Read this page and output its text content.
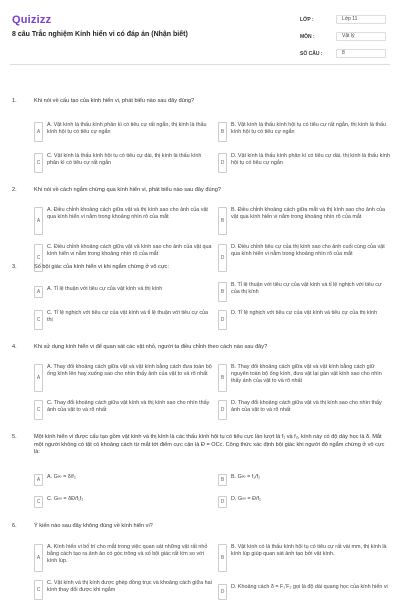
Quizizz
8 câu Trắc nghiệm Kính hiển vi có đáp án (Nhận biết)
LỚP :	Lớp 11
MÔN :	Vật lý
SỐ CÂU :	8
1.	Khi nói về cấu tạo của kính hiển vi, phát biểu nào sau đây đúng?
A
A. Vật kính là thấu kính phân kì có tiêu cự rất ngắn, thị kính là thấu kính hội tụ có tiêu cự ngắn	B
B. Vật kính là thấu kính hội tụ có tiêu cự rất ngắn, thị kính là thấu kính hội tụ có tiêu cự ngắn
C
C. Vật kính là thấu kính hội tụ có tiêu cự dài, thị kính là thấu kính phân kì có tiêu cự rất ngắn	D
D. Vật kính là thấu kính phân kì có tiêu cự dài, thị kính là thấu kính hội tụ có tiêu cự ngắn
2.	Khi nói về cách ngắm chừng qua kính hiển vi, phát biểu nào sau đây đúng?
A
A. Điều chỉnh khoảng cách giữa vật và thị kính sao cho ảnh của vật qua kính hiển vi nằm trong khoảng nhìn rõ của mắt
B
B. Điều chỉnh khoảng cách giữa mắt và thị kính sao cho ảnh của vật qua kính hiển vi nằm trong khoảng nhìn rõ của mắt
C
C. Điều chỉnh khoảng cách giữa vật và kính sao cho ảnh của vật qua kính hiển vi nằm trong khoảng nhìn rõ của mắt
D
D. Điều chỉnh tiêu cự của thị kính sao cho ảnh cuối cùng của vật qua kính hiển vi nằm trong khoảng nhìn rõ của mắt
3.	Số bội giác của kính hiển vi khi ngắm chừng ở vô cực:
A	A. Tỉ lệ thuận với tiêu cự của vật kính và thị kính	B
B. Tỉ lệ thuận với tiêu cự của vật kính và tỉ lệ nghịch với tiêu cự của thị kính
C
C. Tỉ lệ nghịch với tiêu cự của vật kính và tỉ lệ thuận với tiêu cự của thị	D
D. Tỉ lệ nghịch với tiêu cự của vật kính và tiêu cự của thị kính
4.	Khi sử dụng kính hiển vi để quan sát các vật nhỏ, người ta điều chỉnh theo cách nào sau đây?
A
A. Thay đổi khoảng cách giữa vật và vật kính bằng cách đưa toàn bộ ống kính lên hay xuống sao cho nhìn thấy ảnh của vật to và rõ nhất
B
B. Thay đổi khoảng cách giữa vật và vật kính bằng cách giữ nguyên toàn bộ ống kính, đưa vật lại gần vật kính sao cho nhìn thấy ảnh của vật to và rõ nhất
C
C. Thay đổi khoảng cách giữa vật kính và thị kính sao cho nhìn thấy ảnh của vật to và rõ nhất	D
D. Thay đổi khoảng cách giữa vật và thị kính sao cho nhìn thấy ảnh của vật to và rõ nhất
5.	Một kính hiển vi được cấu tạo gồm vật kính và thị kính là các thấu kính hội tụ có tiêu cực lần lượt là f₁ và f₂, kính này có độ dày học là δ. Mắt một người không có tật có khoảng cách từ mắt tới điểm cực cận là Đ = OCc. Công thức xác định bội giác khi người đó ngắm chừng ở vô cực là:
A	A. G∞ = δ/f₂	B	B. G∞ = f₁/f₂
C	C. G∞ = δĐ/f₁f₂	D	D. G∞ = Đ/f₂
6.	Ý kiến nào sau đây không đúng về kính hiển vi?
A
A. Kính hiển vi bố trí cho mắt trong việc quan sát những vật rất nhỏ bằng cách tạo ra ảnh ảo có góc trông và số bội giác rất lớn so với kính lúp.
B
B. Vật kính có là thấu kính hội tụ có tiêu cự rất vài mm, thị kính là kính lúp giúp quan sát ảnh tạo bởi vật kính.
C
C. Vật kính và thị kính được ghép đồng trục và khoảng cách giữa hai kính thay đổi được khi ngắm	D
D. Khoảng cách δ = F₁′F₂ gọi là độ dài quang học của kính hiển vi
